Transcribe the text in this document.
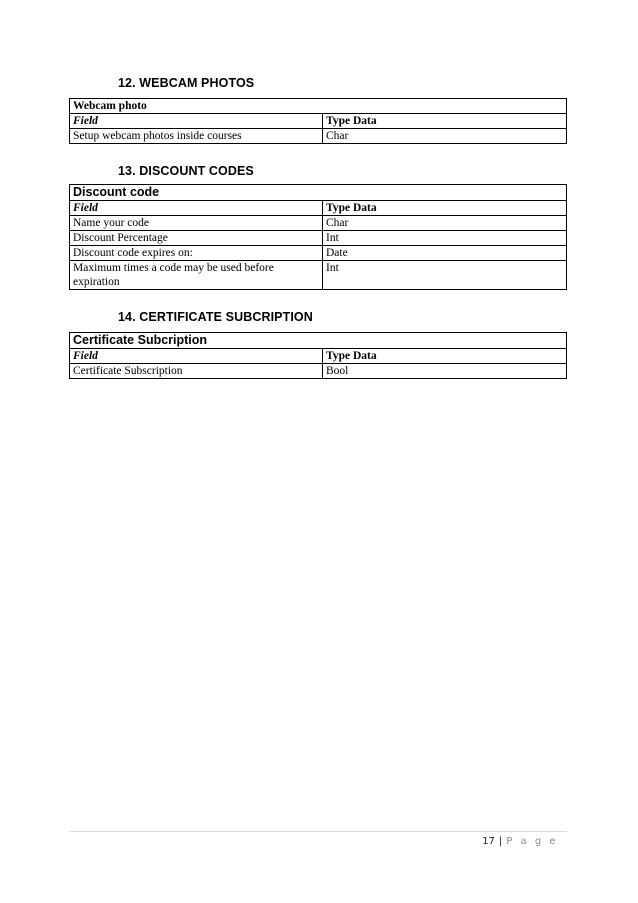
12. WEBCAM PHOTOS
Webcam photo	
Field	Type Data
Setup webcam photos inside courses	Char
13. DISCOUNT CODES
Discount code	
Field	Type Data
Name your code	Char
Discount Percentage	Int
Discount code expires on:	Date
Maximum times a code may be used before expiration	Int
14. CERTIFICATE SUBCRIPTION
Certificate Subcription	
Field	Type Data
Certificate Subscription	Bool
17 | P a g e
